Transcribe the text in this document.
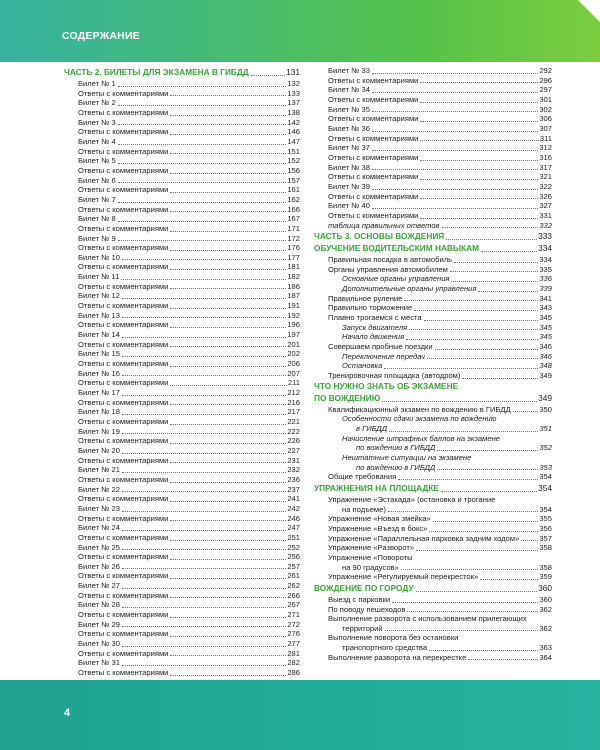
СОДЕРЖАНИЕ
ЧАСТЬ 2. БИЛЕТЫ ДЛЯ ЭКЗАМЕНА В ГИБДД	131
Билет № 1	132
Ответы с комментариями	133
Билет № 2	137
Ответы с комментариями	138
Билет № 3	142
Ответы с комментариями	146
Билет № 4	147
Ответы с комментариями	151
Билет № 5	152
Ответы с комментариями	156
Билет № 6	157
Ответы с комментариями	161
Билет № 7	162
Ответы с комментариями	166
Билет № 8	167
Ответы с комментариями	171
Билет № 9	172
Ответы с комментариями	176
Билет № 10	177
Ответы с комментариями	181
Билет № 11	182
Ответы с комментариями	186
Билет № 12	187
Ответы с комментариями	191
Билет № 13	192
Ответы с комментариями	196
Билет № 14	197
Ответы с комментариями	201
Билет № 15	202
Ответы с комментариями	206
Билет № 16	207
Ответы с комментариями	211
Билет № 17	212
Ответы с комментариями	216
Билет № 18	217
Ответы с комментариями	221
Билет № 19	222
Ответы с комментариями	226
Билет № 20	227
Ответы с комментариями	231
Билет № 21	232
Ответы с комментариями	236
Билет № 22	237
Ответы с комментариями	241
Билет № 23	242
Ответы с комментариями	246
Билет № 24	247
Ответы с комментариями	251
Билет № 25	252
Ответы с комментариями	256
Билет № 26	257
Ответы с комментариями	261
Билет № 27	262
Ответы с комментариями	266
Билет № 28	267
Ответы с комментариями	271
Билет № 29	272
Ответы с комментариями	276
Билет № 30	277
Ответы с комментариями	281
Билет № 31	282
Ответы с комментариями	286
Билет № 33	292
Ответы с комментариями	296
Билет № 34	297
Ответы с комментариями	301
Билет № 35	302
Ответы с комментариями	306
Билет № 36	307
Ответы с комментариями	311
Билет № 37	312
Ответы с комментариями	316
Билет № 38	317
Ответы с комментариями	321
Билет № 39	322
Ответы с комментариями	326
Билет № 40	327
Ответы с комментариями	331
таблица правильных ответов	332
ЧАСТЬ 3. ОСНОВЫ ВОЖДЕНИЯ	333
ОБУЧЕНИЕ ВОДИТЕЛЬСКИМ НАВЫКАМ	334
Правильная посадка в автомобиль	334
Органы управления автомобилем	335
Основные органы управления	336
Дополнительные органы управления	339
Правильное руление	341
Правильно торможение	343
Плавно трогаемся с места	345
Запуск двигателя	345
Начало движения	345
Совершаем пробные поездки	346
Переключение передач	346
Остановка	348
Тренировочная площадка (автодром)	349
ЧТО НУЖНО ЗНАТЬ ОБ ЭКЗАМЕНЕ
ПО ВОЖДЕНИЮ	349
Квалификационный экзамен по вождению в ГИБДД	350
Особенности сдачи экзамена по вождению
в ГИБДД	351
Начисление штрафных баллов на экзамене
по вождению в ГИБДД	352
Нештатные ситуации на экзамене
по вождению в ГИБДД	353
Общие требования	354
УПРАЖНЕНИЯ НА ПЛОЩАДКЕ	354
Упражнение «Эстакада» (остановка и трогание
на подъеме)	354
Упражнение «Новая змейка»	355
Упражнение «Въезд в бокс»	356
Упражнение «Параллельная парковка задним ходом»	357
Упражнение «Разворот»	358
Упражнение «Повороты
на 90 градусов»	358
Упражнение «Регулируемый перекресток»	359
ВОЖДЕНИЕ ПО ГОРОДУ	360
Выезд с парковки	360
По поводу пешеходов	362
Выполнение разворота с использованием прилегающих
территорий	362
Выполнение поворота без остановки
транспортного средства	363
Выполнение разворота на перекрестке	364
4
